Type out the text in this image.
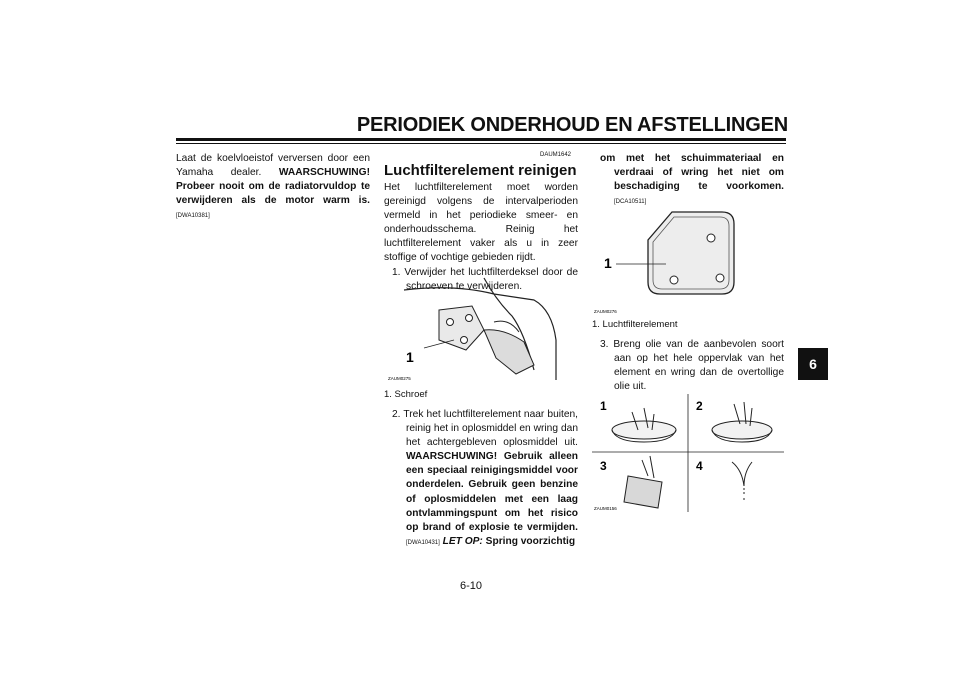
PERIODIEK ONDERHOUD EN AFSTELLINGEN
6
Laat de koelvloeistof verversen door een Yamaha dealer. WAARSCHUWING! Probeer nooit om de radiatorvuldop te verwijderen als de motor warm is. [DWA10381]
DAUM1642
Luchtfilterelement reinigen
Het luchtfilterelement moet worden gereinigd volgens de intervalperioden vermeld in het periodieke smeer- en onderhoudsschema. Reinig het luchtfilterelement vaker als u in zeer stoffige of vochtige gebieden rijdt.
1. Verwijder het luchtfilterdeksel door de schroeven te verwijderen.
1
ZAUM0275
1. Schroef
2. Trek het luchtfilterelement naar buiten, reinig het in oplosmiddel en wring dan het achtergebleven oplosmiddel uit. WAARSCHUWING! Gebruik alleen een speciaal reinigingsmiddel voor onderdelen. Gebruik geen benzine of oplosmiddelen met een laag ontvlammingspunt om het risico op brand of explosie te vermijden. [DWA10431] LET OP: Spring voorzichtig
om met het schuimmateriaal en verdraai of wring het niet om beschadiging te voorkomen. [DCA10511]
1
ZAUM0276
1. Luchtfilterelement
3. Breng olie van de aanbevolen soort aan op het hele oppervlak van het element en wring dan de overtollige olie uit.
1	2
3	4
ZAUM0156
6-10
